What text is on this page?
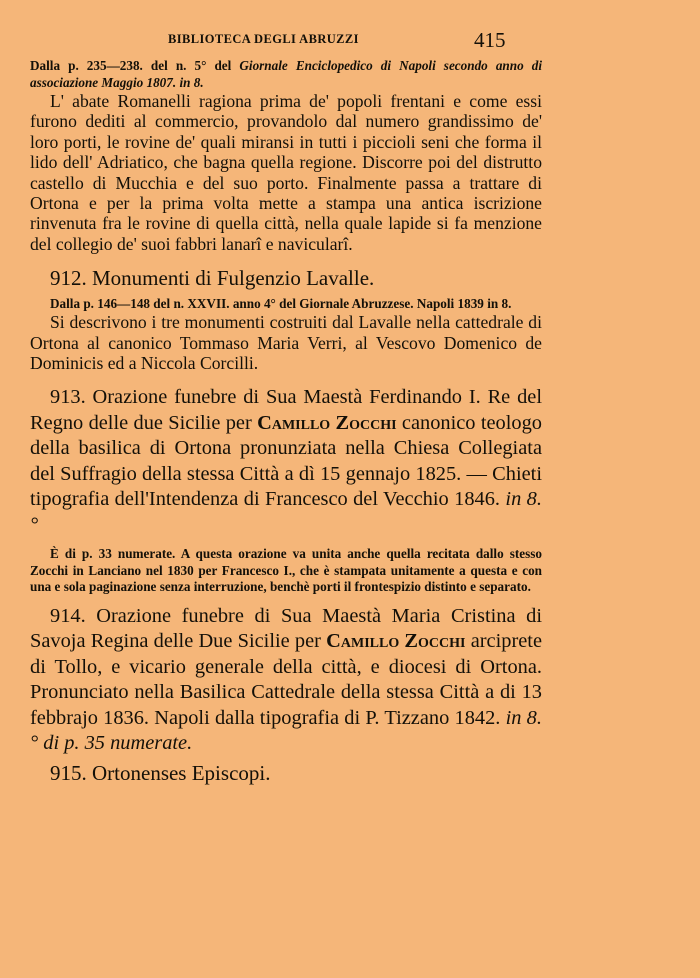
BIBLIOTECA DEGLI ABRUZZI	415

Dalla p. 235—238. del n. 5° del Giornale Enciclopedico di Napoli secondo anno di associazione Maggio 1807. in 8.

L' abate Romanelli ragiona prima de' popoli frentani e come essi furono dediti al commercio, provandolo dal numero grandissimo de' loro porti, le rovine de' quali miransi in tutti i piccioli seni che forma il lido dell' Adriatico, che bagna quella regione. Discorre poi del distrutto castello di Mucchia e del suo porto. Finalmente passa a trattare di Ortona e per la prima volta mette a stampa una antica iscrizione rinvenuta fra le rovine di quella città, nella quale lapide si fa menzione del collegio de' suoi fabbri lanarî e navicularî.

912. Monumenti di Fulgenzio Lavalle.

Dalla p. 146—148 del n. XXVII. anno 4° del Giornale Abruzzese. Napoli 1839 in 8.

Si descrivono i tre monumenti costruiti dal Lavalle nella cattedrale di Ortona al canonico Tommaso Maria Verri, al Vescovo Domenico de Dominicis ed a Niccola Corcilli.

913. Orazione funebre di Sua Maestà Ferdinando I. Re del Regno delle due Sicilie per Camillo Zocchi canonico teologo della basilica di Ortona pronunziata nella Chiesa Collegiata del Suffragio della stessa Città a dì 15 gennajo 1825. — Chieti tipografia dell'Intendenza di Francesco del Vecchio 1846. in 8.°

È di p. 33 numerate. A questa orazione va unita anche quella recitata dallo stesso Zocchi in Lanciano nel 1830 per Francesco I., che è stampata unitamente a questa e con una e sola paginazione senza interruzione, benchè porti il frontespizio distinto e separato.

914. Orazione funebre di Sua Maestà Maria Cristina di Savoja Regina delle Due Sicilie per Camillo Zocchi arciprete di Tollo, e vicario generale della città, e diocesi di Ortona. Pronunciato nella Basilica Cattedrale della stessa Città a di 13 febbrajo 1836. Napoli dalla tipografia di P. Tizzano 1842. in 8.° di p. 35 numerate.

915. Ortonenses Episcopi.
